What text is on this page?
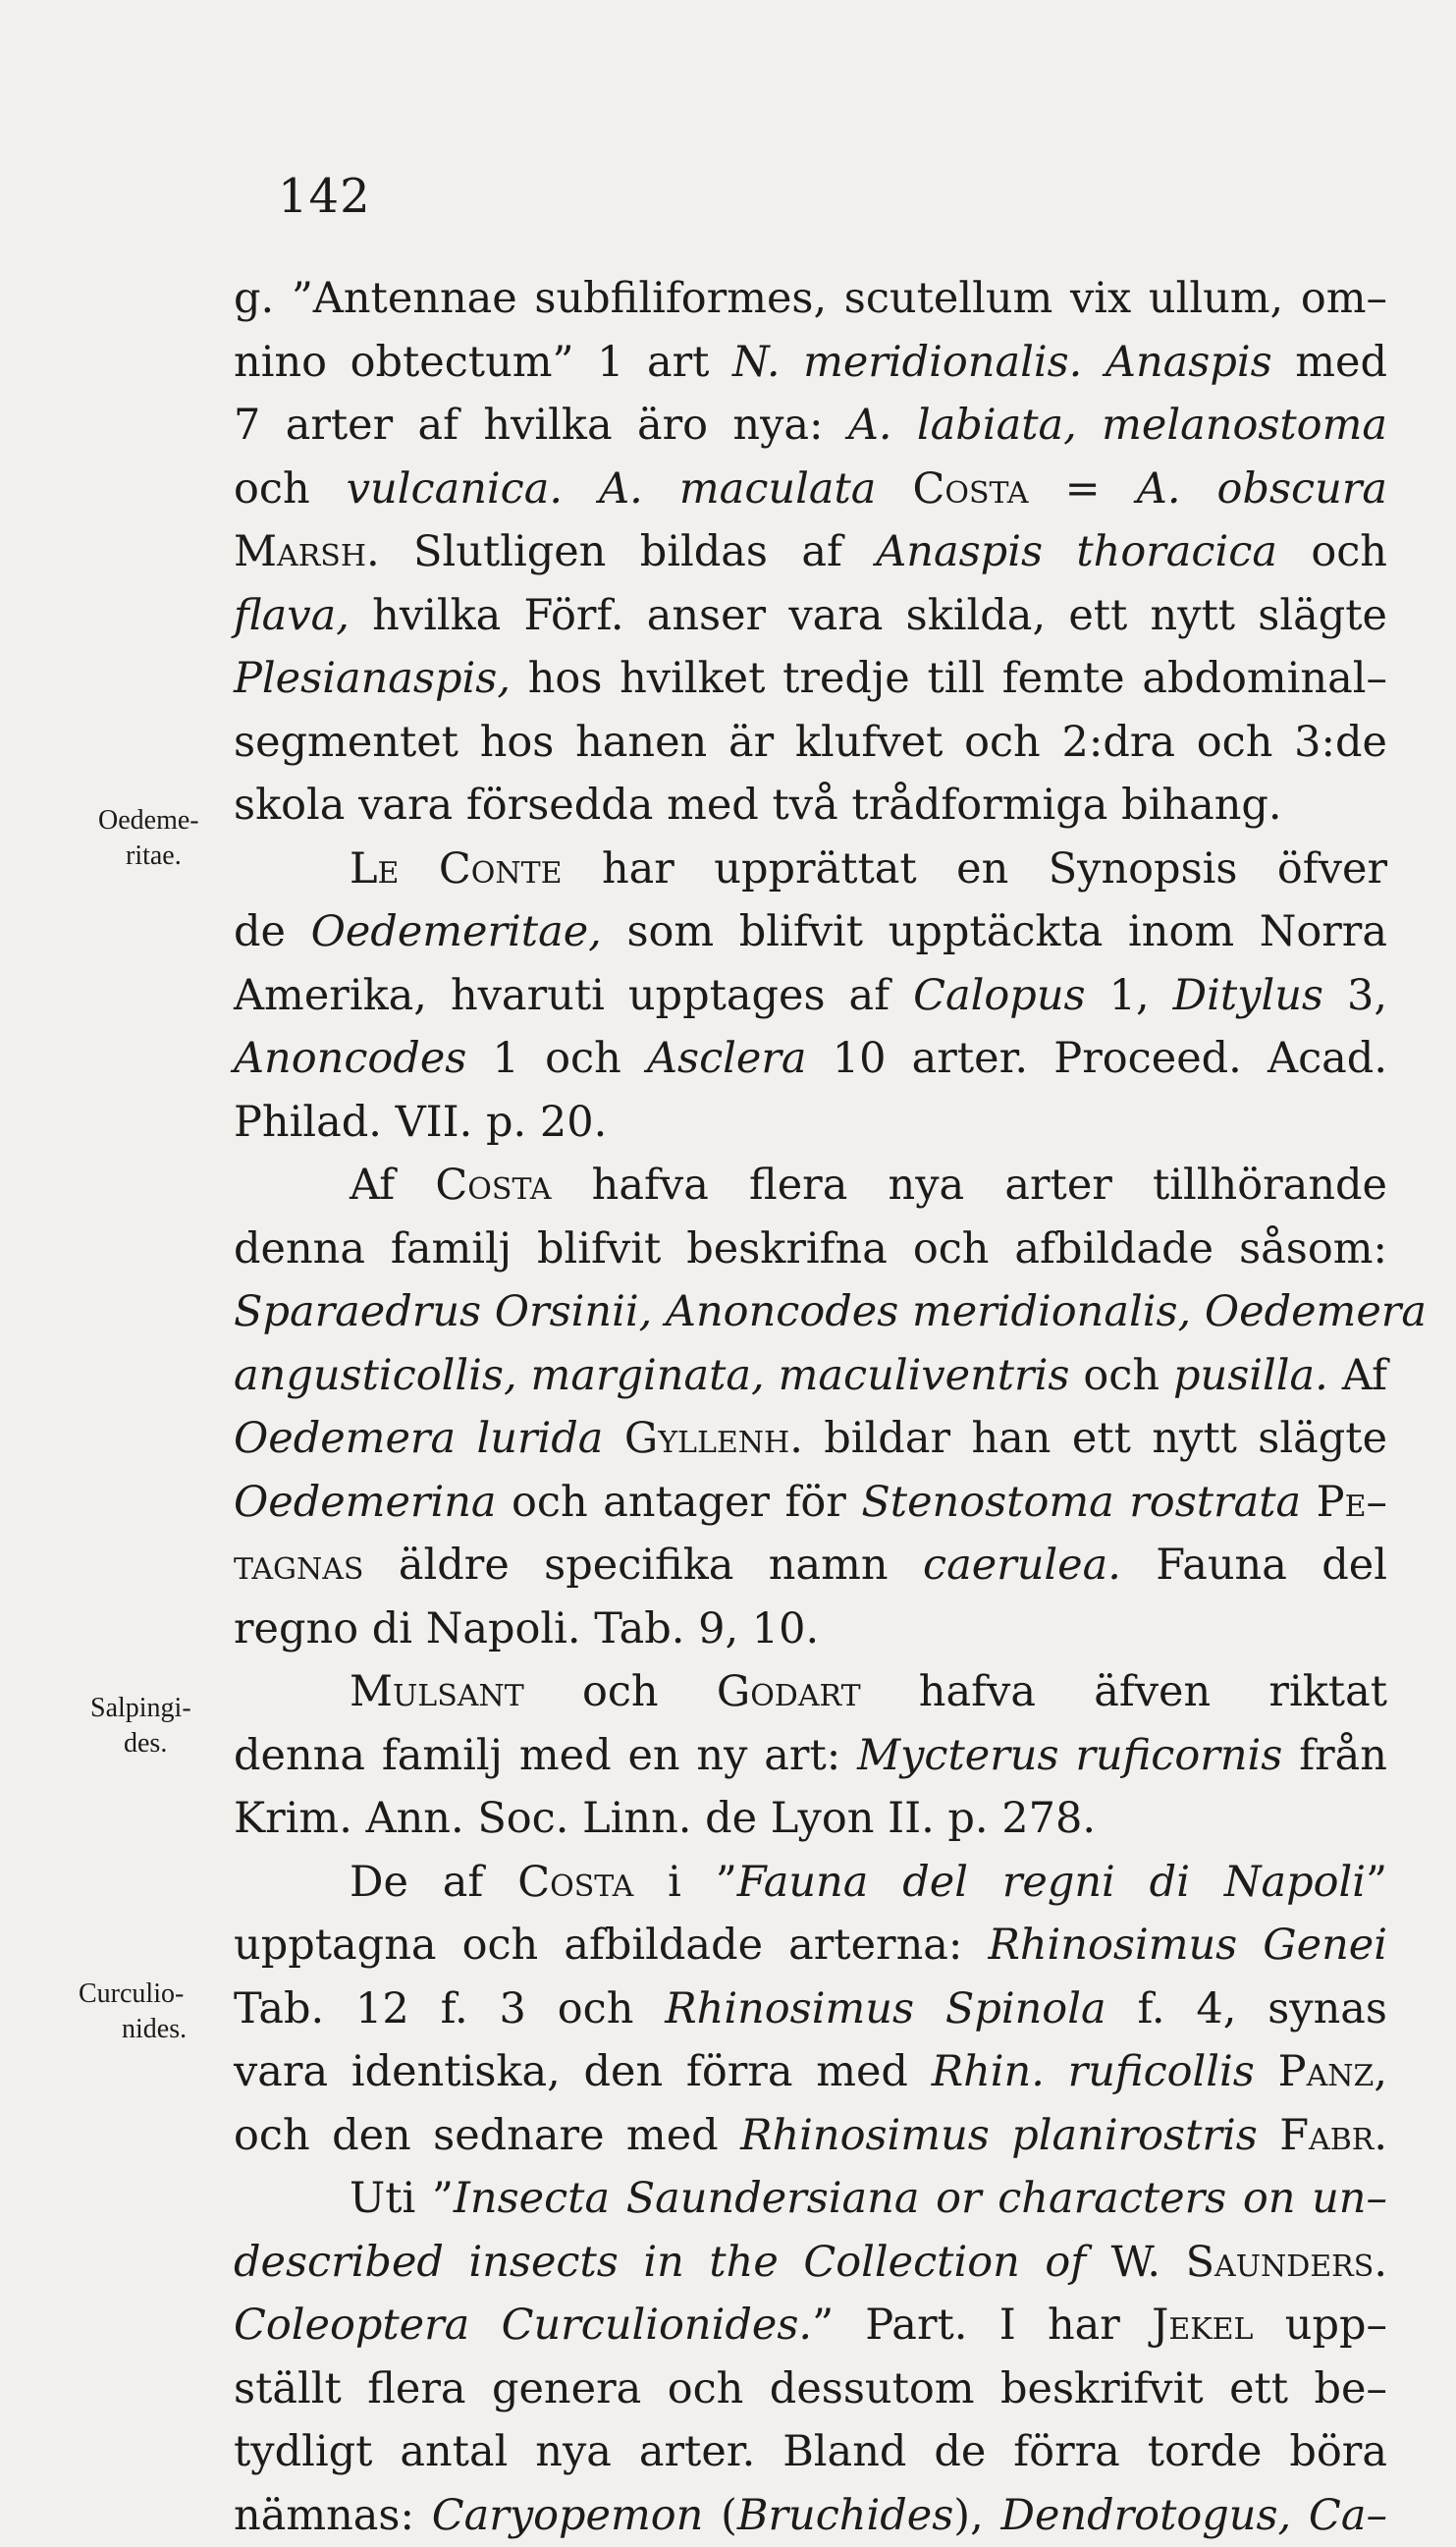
142

Oedeme-
ritae.

Salpingi-
des.

Curculio-
nides.

g. ”Antennae subfiliformes, scutellum vix ullum, om–
nino obtectum” 1 art N. meridionalis. Anaspis med
7 arter af hvilka äro nya: A. labiata, melanostoma
och vulcanica. A. maculata Costa = A. obscura
Marsh. Slutligen bildas af Anaspis thoracica och
flava, hvilka Förf. anser vara skilda, ett nytt slägte
Plesianaspis, hos hvilket tredje till femte abdominal–
segmentet hos hanen är klufvet och 2:dra och 3:de
skola vara försedda med två trådformiga bihang.
Le Conte har upprättat en Synopsis öfver
de Oedemeritae, som blifvit upptäckta inom Norra
Amerika, hvaruti upptages af Calopus 1, Ditylus 3,
Anoncodes 1 och Asclera 10 arter. Proceed. Acad.
Philad. VII. p. 20.
Af Costa hafva flera nya arter tillhörande
denna familj blifvit beskrifna och afbildade såsom:
Sparaedrus Orsinii, Anoncodes meridionalis, Oedemera
angusticollis, marginata, maculiventris och pusilla. Af
Oedemera lurida Gyllenh. bildar han ett nytt slägte
Oedemerina och antager för Stenostoma rostrata Pe–
tagnas äldre specifika namn caerulea. Fauna del
regno di Napoli. Tab. 9, 10.
Mulsant och Godart hafva äfven riktat
denna familj med en ny art: Mycterus ruficornis från
Krim. Ann. Soc. Linn. de Lyon II. p. 278.
De af Costa i ”Fauna del regni di Napoli”
upptagna och afbildade arterna: Rhinosimus Genei
Tab. 12 f. 3 och Rhinosimus Spinola f. 4, synas
vara identiska, den förra med Rhin. ruficollis Panz,
och den sednare med Rhinosimus planirostris Fabr.
Uti ”Insecta Saundersiana or characters on un–
described insects in the Collection of W. Saunders.
Coleoptera Curculionides.” Part. I har Jekel upp–
ställt flera genera och dessutom beskrifvit ett be–
tydligt antal nya arter. Bland de förra torde böra
nämnas: Caryopemon (Bruchides), Dendrotogus, Ca–
